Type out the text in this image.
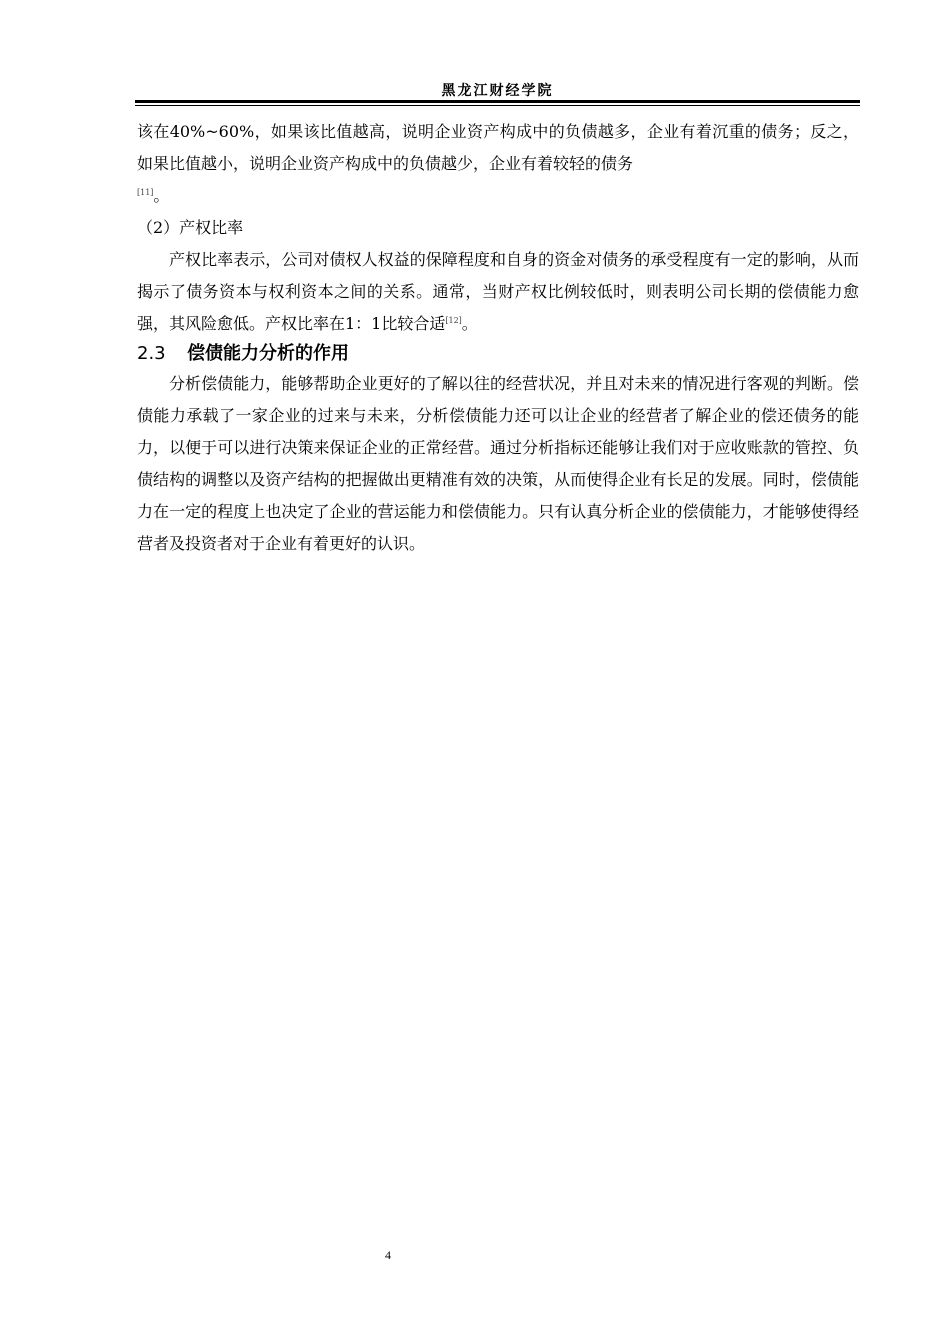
黑龙江财经学院

该在40%~60%，如果该比值越高，说明企业资产构成中的负债越多，企业有着沉重的债务；反之，如果比值越小，说明企业资产构成中的负债越少，企业有着较轻的债务
[11]。

（2）产权比率

产权比率表示，公司对债权人权益的保障程度和自身的资金对债务的承受程度有一定的影响，从而揭示了债务资本与权利资本之间的关系。通常，当财产权比例较低时，则表明公司长期的偿债能力愈强，其风险愈低。产权比率在1：1比较合适[12]。

2.3 偿债能力分析的作用

分析偿债能力，能够帮助企业更好的了解以往的经营状况，并且对未来的情况进行客观的判断。偿债能力承载了一家企业的过来与未来，分析偿债能力还可以让企业的经营者了解企业的偿还债务的能力，以便于可以进行决策来保证企业的正常经营。通过分析指标还能够让我们对于应收账款的管控、负债结构的调整以及资产结构的把握做出更精准有效的决策，从而使得企业有长足的发展。同时，偿债能力在一定的程度上也决定了企业的营运能力和偿债能力。只有认真分析企业的偿债能力，才能够使得经营者及投资者对于企业有着更好的认识。

4
